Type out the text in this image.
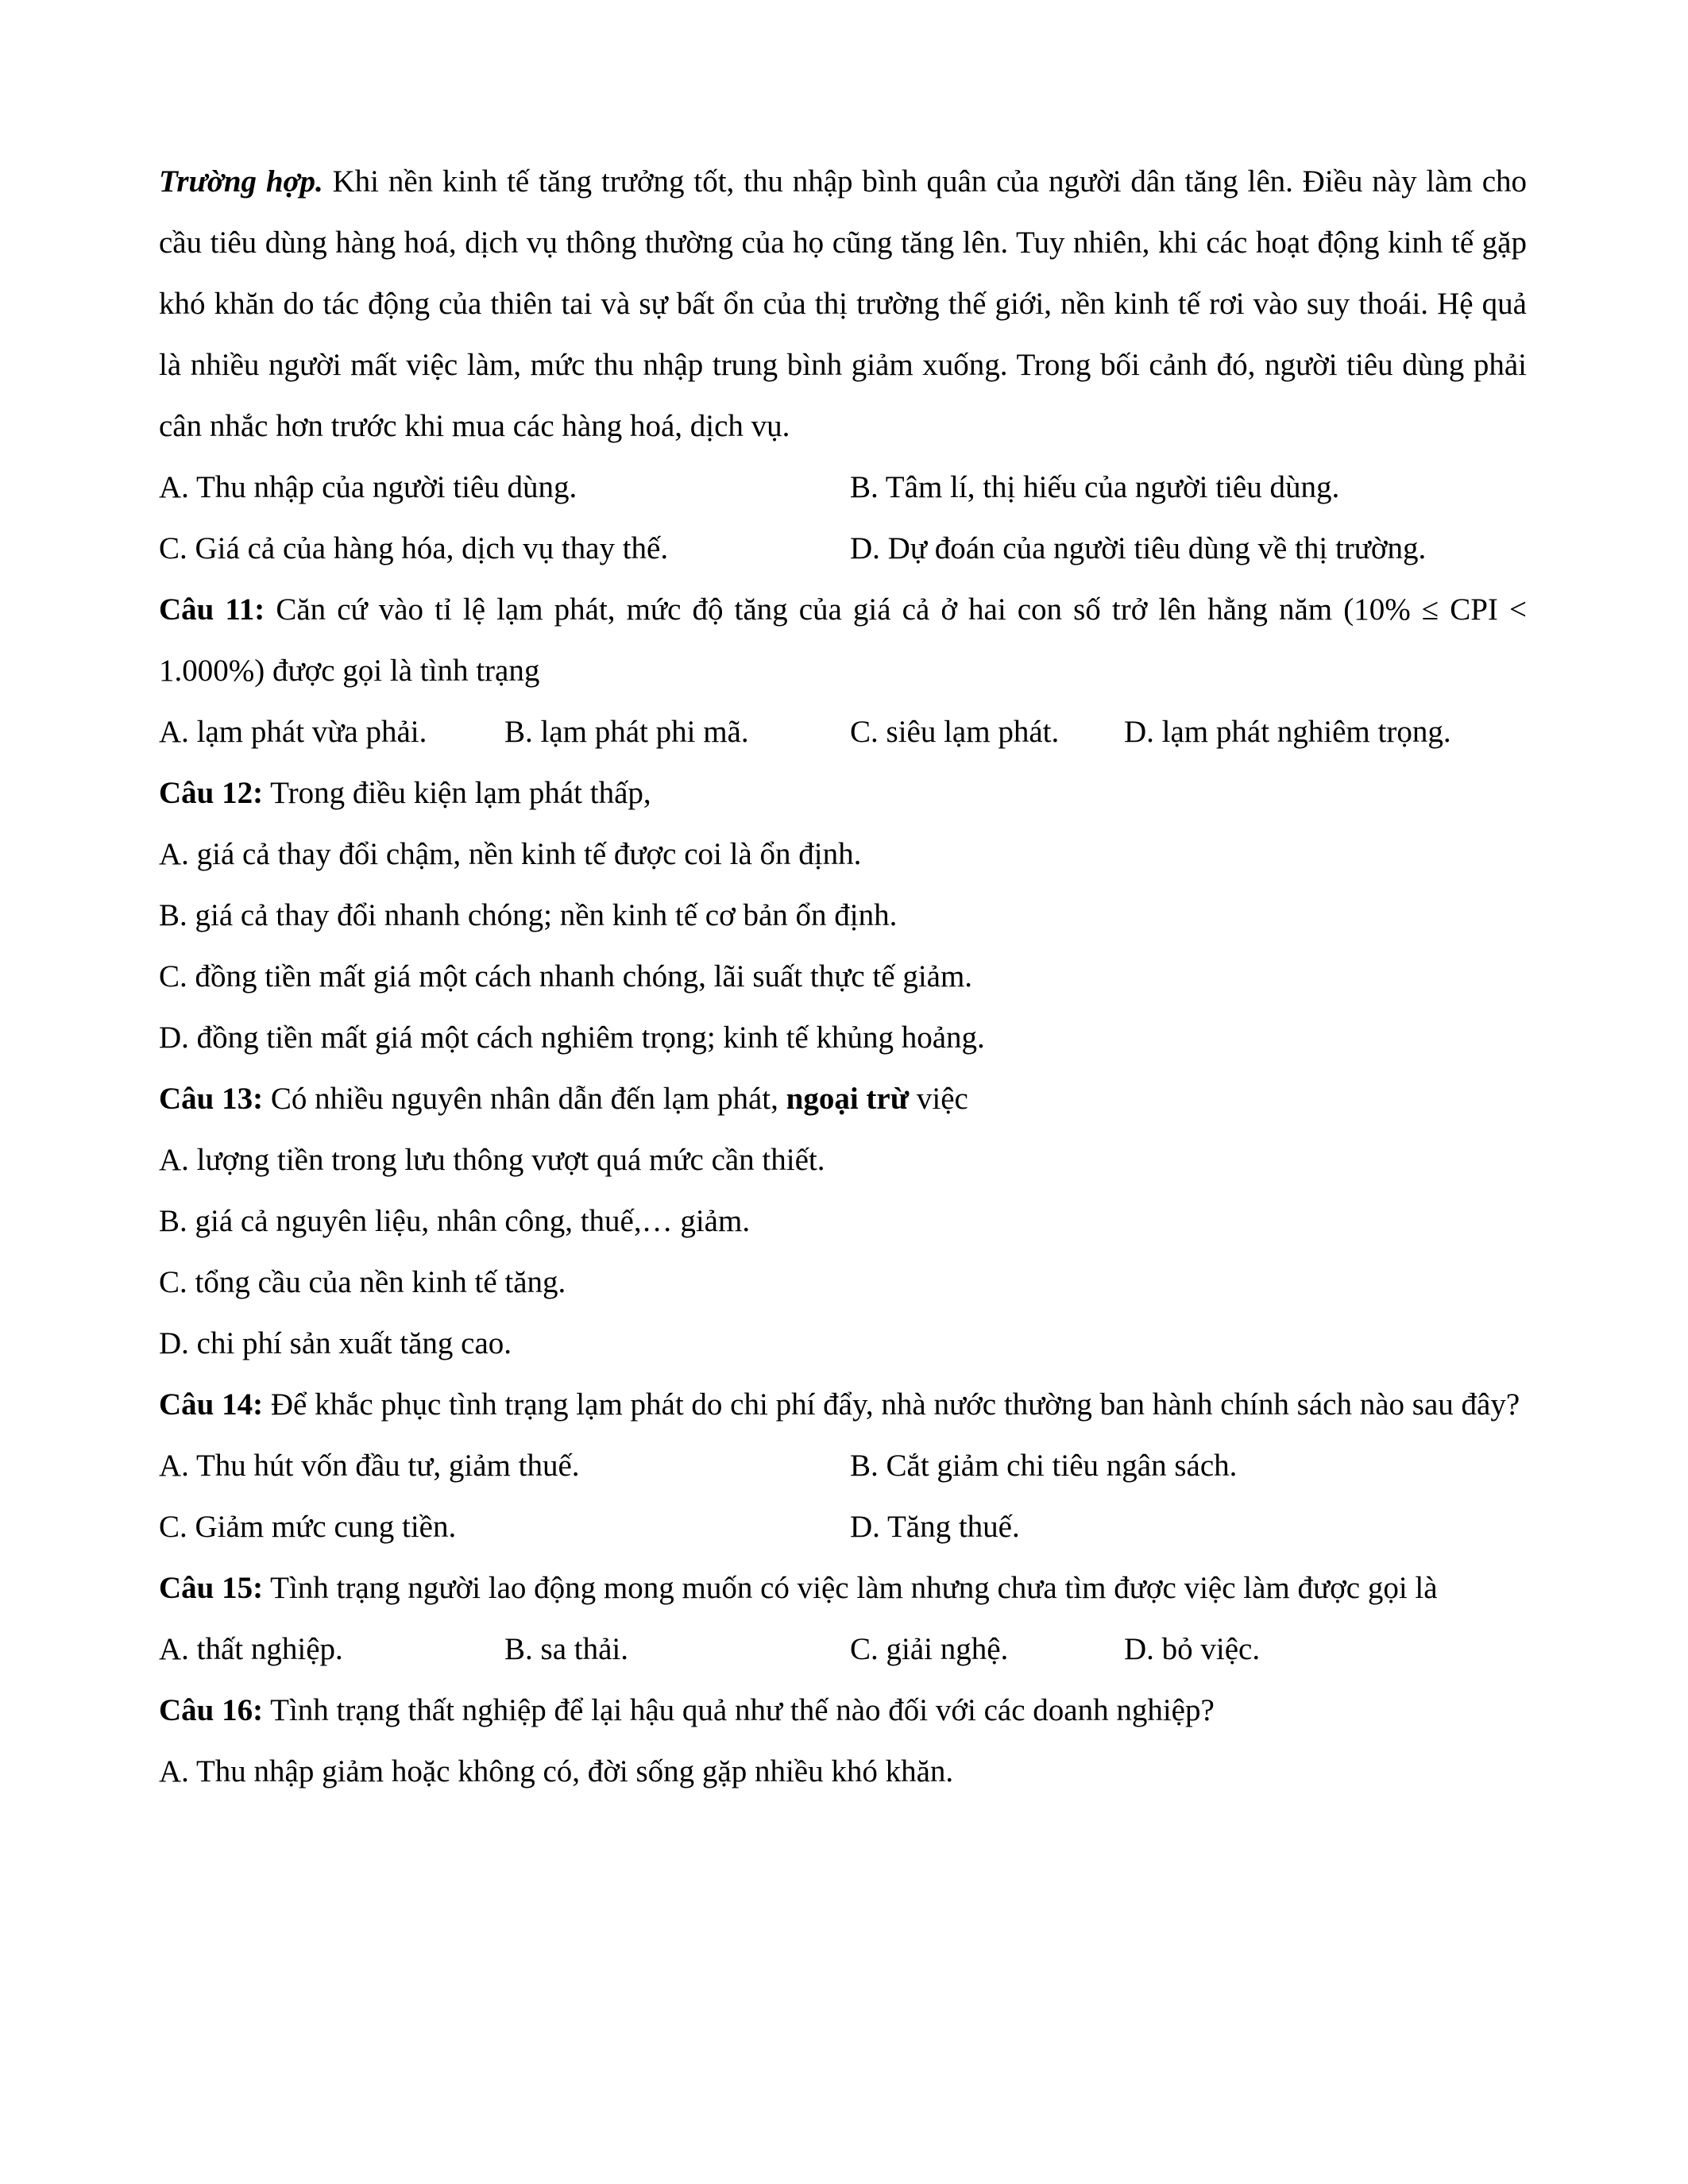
Trường hợp. Khi nền kinh tế tăng trưởng tốt, thu nhập bình quân của người dân tăng lên. Điều này làm cho cầu tiêu dùng hàng hoá, dịch vụ thông thường của họ cũng tăng lên. Tuy nhiên, khi các hoạt động kinh tế gặp khó khăn do tác động của thiên tai và sự bất ổn của thị trường thế giới, nền kinh tế rơi vào suy thoái. Hệ quả là nhiều người mất việc làm, mức thu nhập trung bình giảm xuống. Trong bối cảnh đó, người tiêu dùng phải cân nhắc hơn trước khi mua các hàng hoá, dịch vụ.

A. Thu nhập của người tiêu dùng.	B. Tâm lí, thị hiếu của người tiêu dùng.
C. Giá cả của hàng hóa, dịch vụ thay thế.	D. Dự đoán của người tiêu dùng về thị trường.

Câu 11: Căn cứ vào tỉ lệ lạm phát, mức độ tăng của giá cả ở hai con số trở lên hằng năm (10% ≤ CPI < 1.000%) được gọi là tình trạng

A. lạm phát vừa phải.	B. lạm phát phi mã.	C. siêu lạm phát.	D. lạm phát nghiêm trọng.

Câu 12: Trong điều kiện lạm phát thấp,

A. giá cả thay đổi chậm, nền kinh tế được coi là ổn định.

B. giá cả thay đổi nhanh chóng; nền kinh tế cơ bản ổn định.

C. đồng tiền mất giá một cách nhanh chóng, lãi suất thực tế giảm.

D. đồng tiền mất giá một cách nghiêm trọng; kinh tế khủng hoảng.

Câu 13: Có nhiều nguyên nhân dẫn đến lạm phát, ngoại trừ việc

A. lượng tiền trong lưu thông vượt quá mức cần thiết.

B. giá cả nguyên liệu, nhân công, thuế,… giảm.

C. tổng cầu của nền kinh tế tăng.

D. chi phí sản xuất tăng cao.

Câu 14: Để khắc phục tình trạng lạm phát do chi phí đẩy, nhà nước thường ban hành chính sách nào sau đây?

A. Thu hút vốn đầu tư, giảm thuế.	B. Cắt giảm chi tiêu ngân sách.
C. Giảm mức cung tiền.	D. Tăng thuế.

Câu 15: Tình trạng người lao động mong muốn có việc làm nhưng chưa tìm được việc làm được gọi là

A. thất nghiệp.	B. sa thải.	C. giải nghệ.	D. bỏ việc.

Câu 16: Tình trạng thất nghiệp để lại hậu quả như thế nào đối với các doanh nghiệp?

A. Thu nhập giảm hoặc không có, đời sống gặp nhiều khó khăn.
